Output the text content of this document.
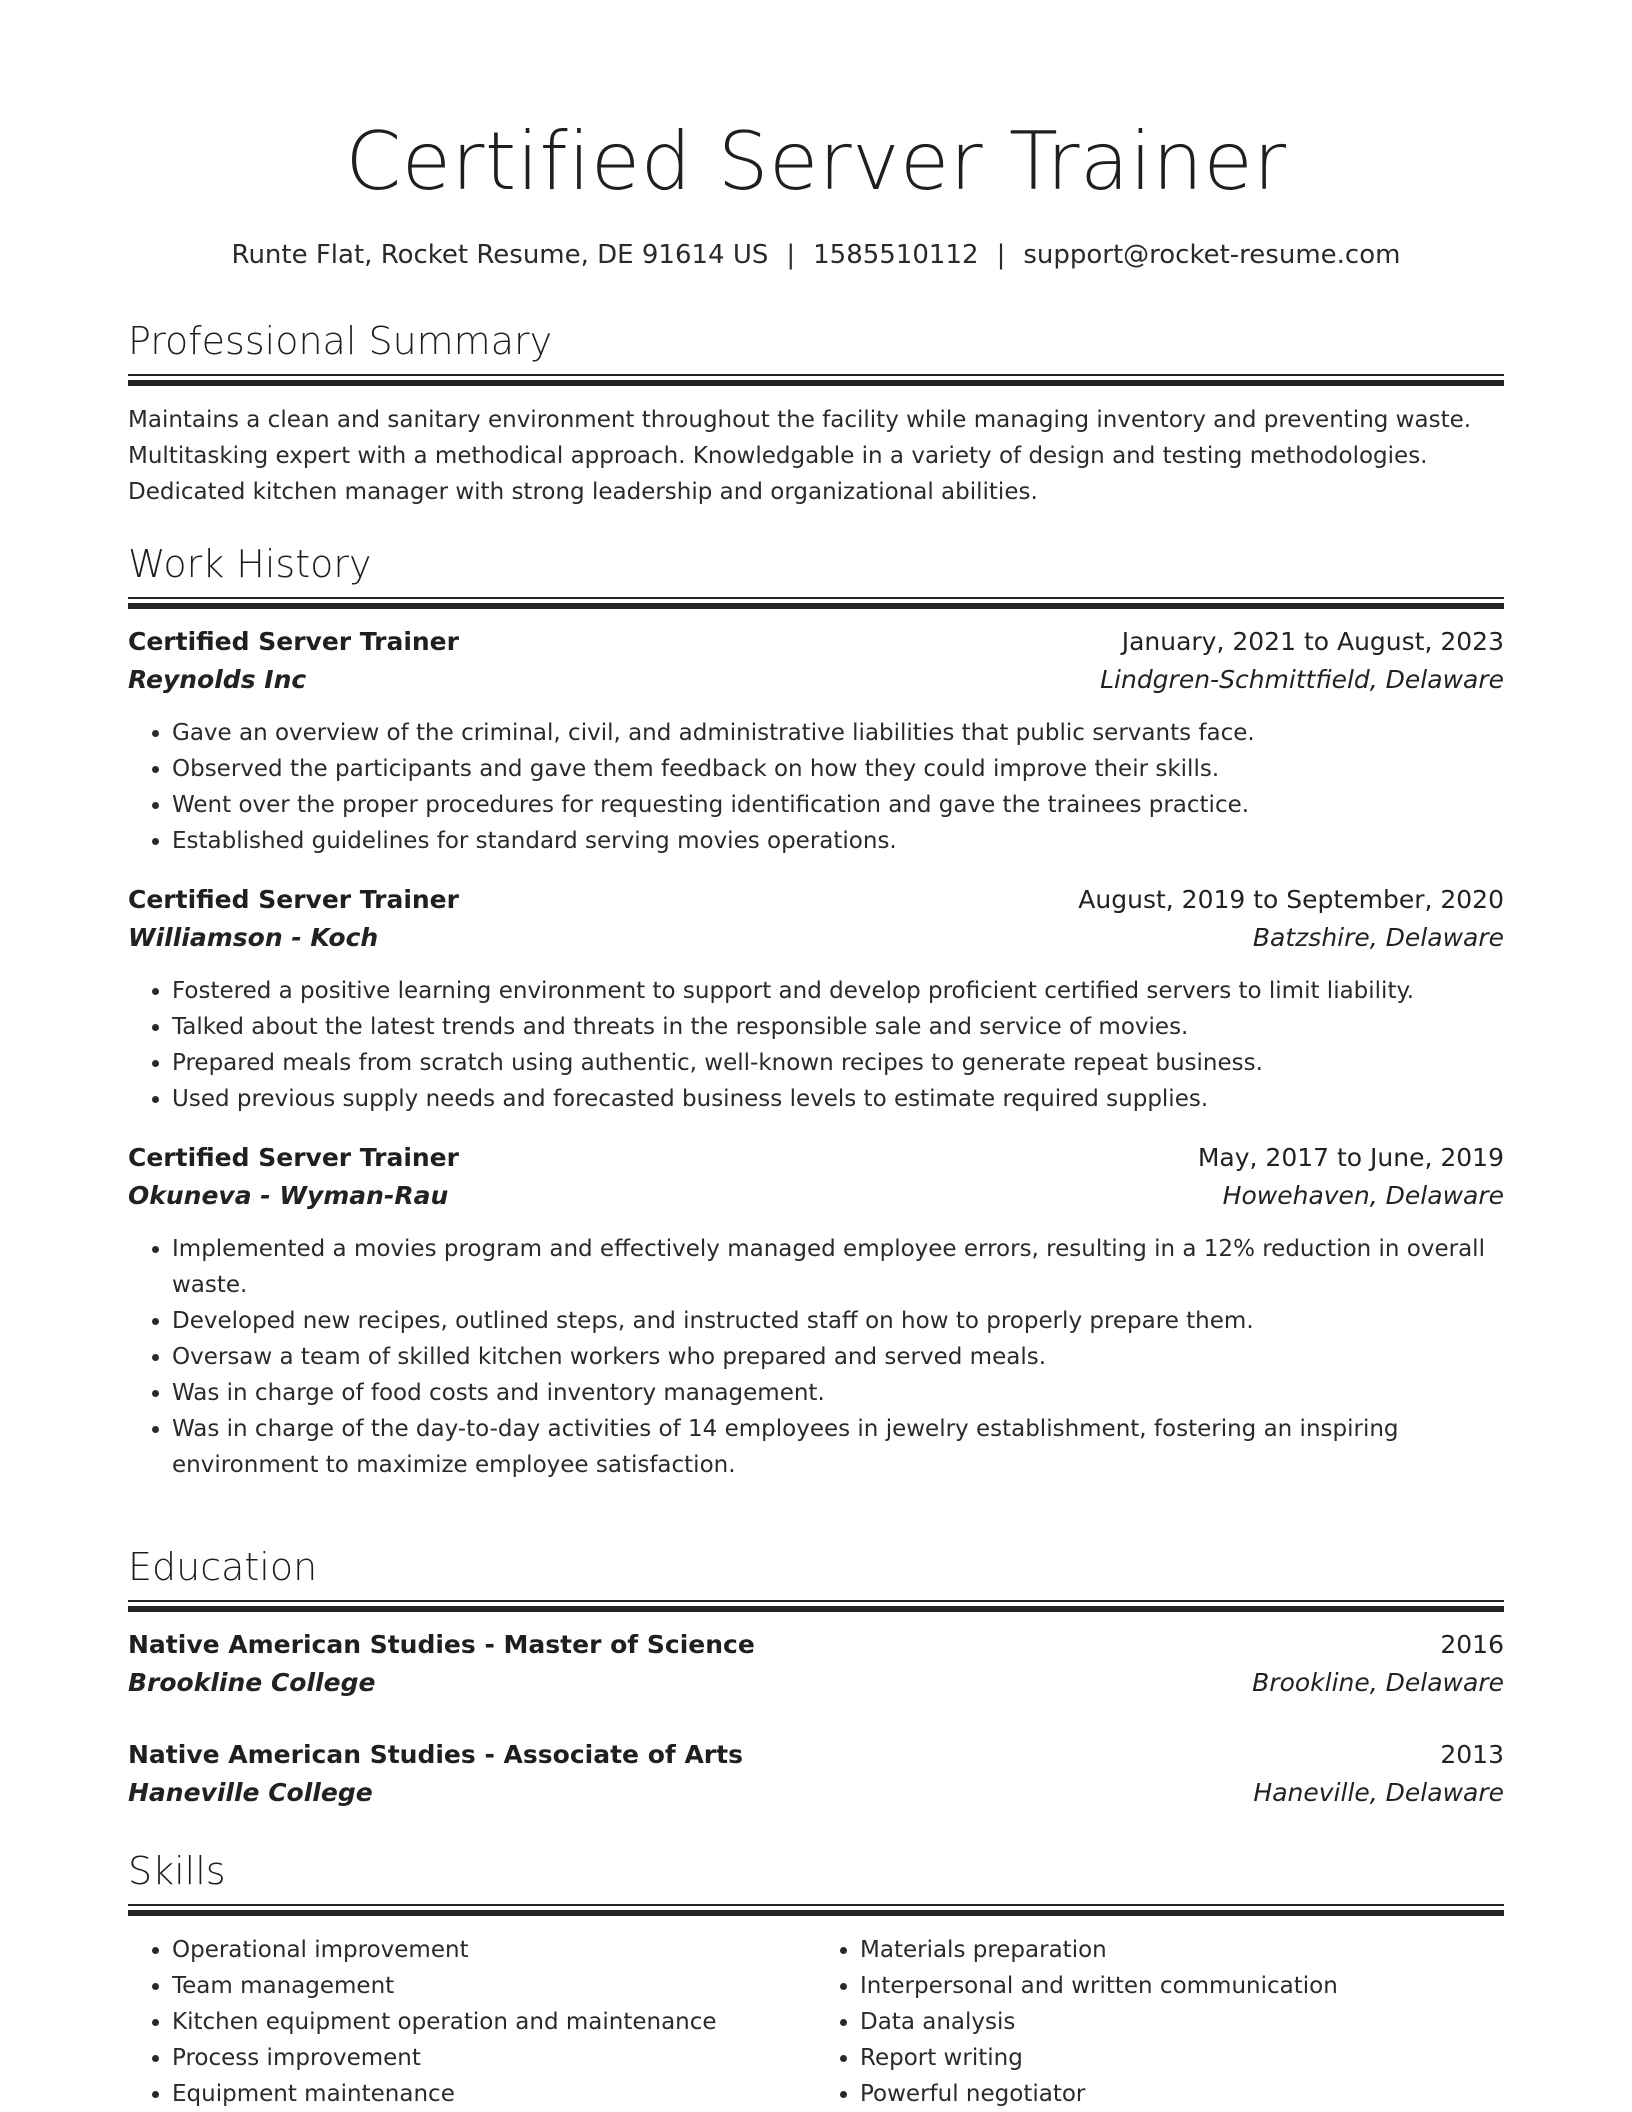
Certified Server Trainer
Runte Flat, Rocket Resume, DE 91614 US | 1585510112 | support@rocket-resume.com
Professional Summary
Maintains a clean and sanitary environment throughout the facility while managing inventory and preventing waste. Multitasking expert with a methodical approach. Knowledgable in a variety of design and testing methodologies. Dedicated kitchen manager with strong leadership and organizational abilities.
Work History
Certified Server Trainer	January, 2021 to August, 2023
Reynolds Inc	Lindgren-Schmittfield, Delaware
• Gave an overview of the criminal, civil, and administrative liabilities that public servants face.
• Observed the participants and gave them feedback on how they could improve their skills.
• Went over the proper procedures for requesting identification and gave the trainees practice.
• Established guidelines for standard serving movies operations.
Certified Server Trainer	August, 2019 to September, 2020
Williamson - Koch	Batzshire, Delaware
• Fostered a positive learning environment to support and develop proficient certified servers to limit liability.
• Talked about the latest trends and threats in the responsible sale and service of movies.
• Prepared meals from scratch using authentic, well-known recipes to generate repeat business.
• Used previous supply needs and forecasted business levels to estimate required supplies.
Certified Server Trainer	May, 2017 to June, 2019
Okuneva - Wyman-Rau	Howehaven, Delaware
• Implemented a movies program and effectively managed employee errors, resulting in a 12% reduction in overall waste.
• Developed new recipes, outlined steps, and instructed staff on how to properly prepare them.
• Oversaw a team of skilled kitchen workers who prepared and served meals.
• Was in charge of food costs and inventory management.
• Was in charge of the day-to-day activities of 14 employees in jewelry establishment, fostering an inspiring environment to maximize employee satisfaction.
Education
Native American Studies - Master of Science	2016
Brookline College	Brookline, Delaware
Native American Studies - Associate of Arts	2013
Haneville College	Haneville, Delaware
Skills
• Operational improvement
• Team management
• Kitchen equipment operation and maintenance
• Process improvement
• Equipment maintenance
• Materials preparation
• Interpersonal and written communication
• Data analysis
• Report writing
• Powerful negotiator
